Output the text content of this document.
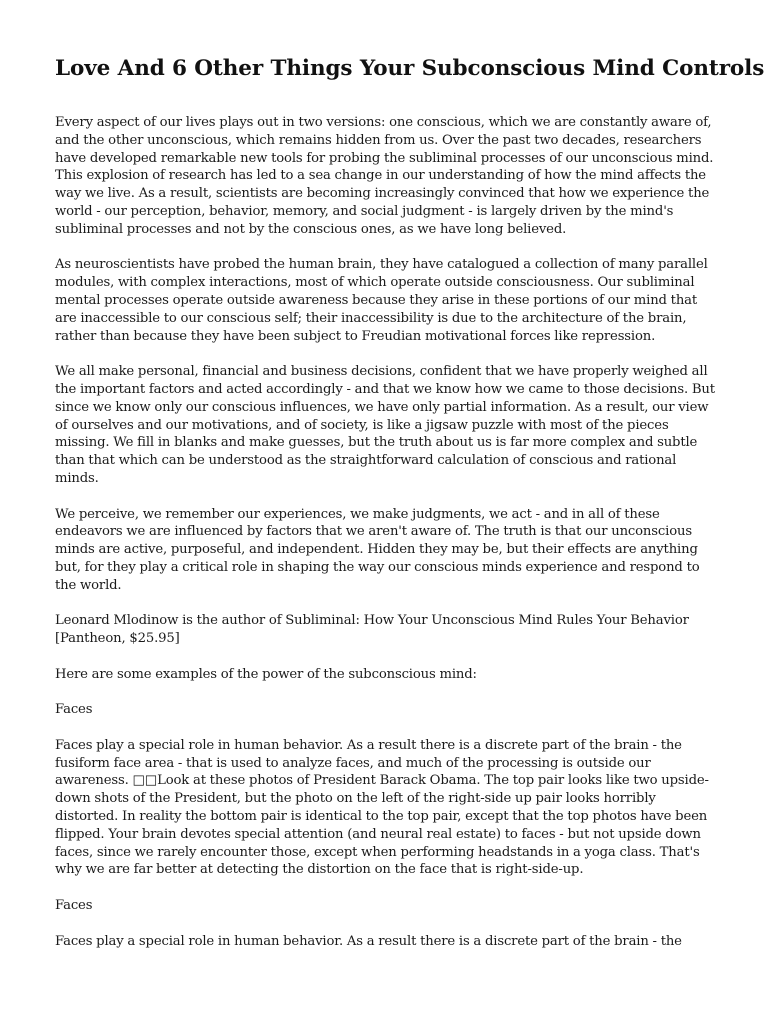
Love And 6 Other Things Your Subconscious Mind Controls

Every aspect of our lives plays out in two versions: one conscious, which we are constantly aware of, and the other unconscious, which remains hidden from us. Over the past two decades, researchers have developed remarkable new tools for probing the subliminal processes of our unconscious mind. This explosion of research has led to a sea change in our understanding of how the mind affects the way we live. As a result, scientists are becoming increasingly convinced that how we experience the world - our perception, behavior, memory, and social judgment - is largely driven by the mind's subliminal processes and not by the conscious ones, as we have long believed.

As neuroscientists have probed the human brain, they have catalogued a collection of many parallel modules, with complex interactions, most of which operate outside consciousness. Our subliminal mental processes operate outside awareness because they arise in these portions of our mind that are inaccessible to our conscious self; their inaccessibility is due to the architecture of the brain, rather than because they have been subject to Freudian motivational forces like repression.

We all make personal, financial and business decisions, confident that we have properly weighed all the important factors and acted accordingly - and that we know how we came to those decisions. But since we know only our conscious influences, we have only partial information. As a result, our view of ourselves and our motivations, and of society, is like a jigsaw puzzle with most of the pieces missing. We fill in blanks and make guesses, but the truth about us is far more complex and subtle than that which can be understood as the straightforward calculation of conscious and rational minds.

We perceive, we remember our experiences, we make judgments, we act - and in all of these endeavors we are influenced by factors that we aren't aware of. The truth is that our unconscious minds are active, purposeful, and independent. Hidden they may be, but their effects are anything but, for they play a critical role in shaping the way our conscious minds experience and respond to the world.

Leonard Mlodinow is the author of Subliminal: How Your Unconscious Mind Rules Your Behavior [Pantheon, $25.95]

Here are some examples of the power of the subconscious mind:

Faces

Faces play a special role in human behavior. As a result there is a discrete part of the brain - the fusiform face area - that is used to analyze faces, and much of the processing is outside our awareness. □□Look at these photos of President Barack Obama. The top pair looks like two upside-down shots of the President, but the photo on the left of the right-side up pair looks horribly distorted. In reality the bottom pair is identical to the top pair, except that the top photos have been flipped. Your brain devotes special attention (and neural real estate) to faces - but not upside down faces, since we rarely encounter those, except when performing headstands in a yoga class. That's why we are far better at detecting the distortion on the face that is right-side-up.

Faces

Faces play a special role in human behavior. As a result there is a discrete part of the brain - the
